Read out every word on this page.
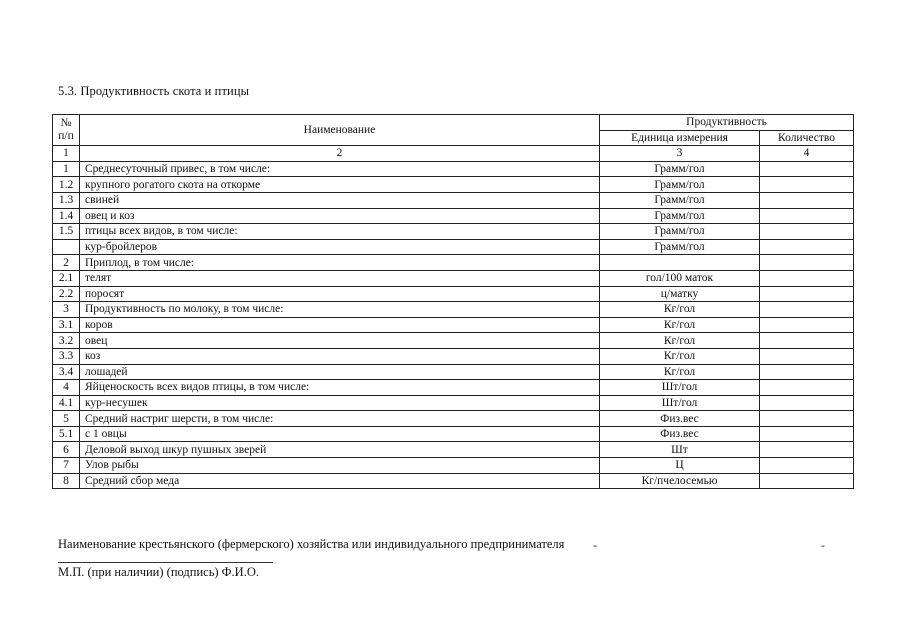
5.3. Продуктивность скота и птицы
№
п/п	Наименование	Продуктивность	
		Единица измерения	Количество
1	2	3	4
1	Среднесуточный привес, в том числе:	Грамм/гол	
1.2	крупного рогатого скота на откорме	Грамм/гол	
1.3	свиней	Грамм/гол	
1.4	овец и коз	Грамм/гол	
1.5	птицы всех видов, в том числе:	Грамм/гол	
	кур-бройлеров	Грамм/гол	
2	Приплод, в том числе:		
2.1	телят	гол/100 маток	
2.2	поросят	ц/матку	
3	Продуктивность по молоку, в том числе:	Кг/гол	
3.1	коров	Кг/гол	
3.2	овец	Кг/гол	
3.3	коз	Кг/гол	
3.4	лошадей	Кг/гол	
4	Яйценоскость всех видов птицы, в том числе:	Шт/гол	
4.1	кур-несушек	Шт/гол	
5	Средний настриг шерсти, в том числе:	Физ.вес	
5.1	с 1 овцы	Физ.вес	
6	Деловой выход шкур пушных зверей	Шт	
7	Улов рыбы	Ц	
8	Средний сбор меда	Кг/пчелосемью	
Наименование крестьянского (фермерского) хозяйства или индивидуального предпринимателя -	-
М.П. (при наличии) (подпись) Ф.И.О.
